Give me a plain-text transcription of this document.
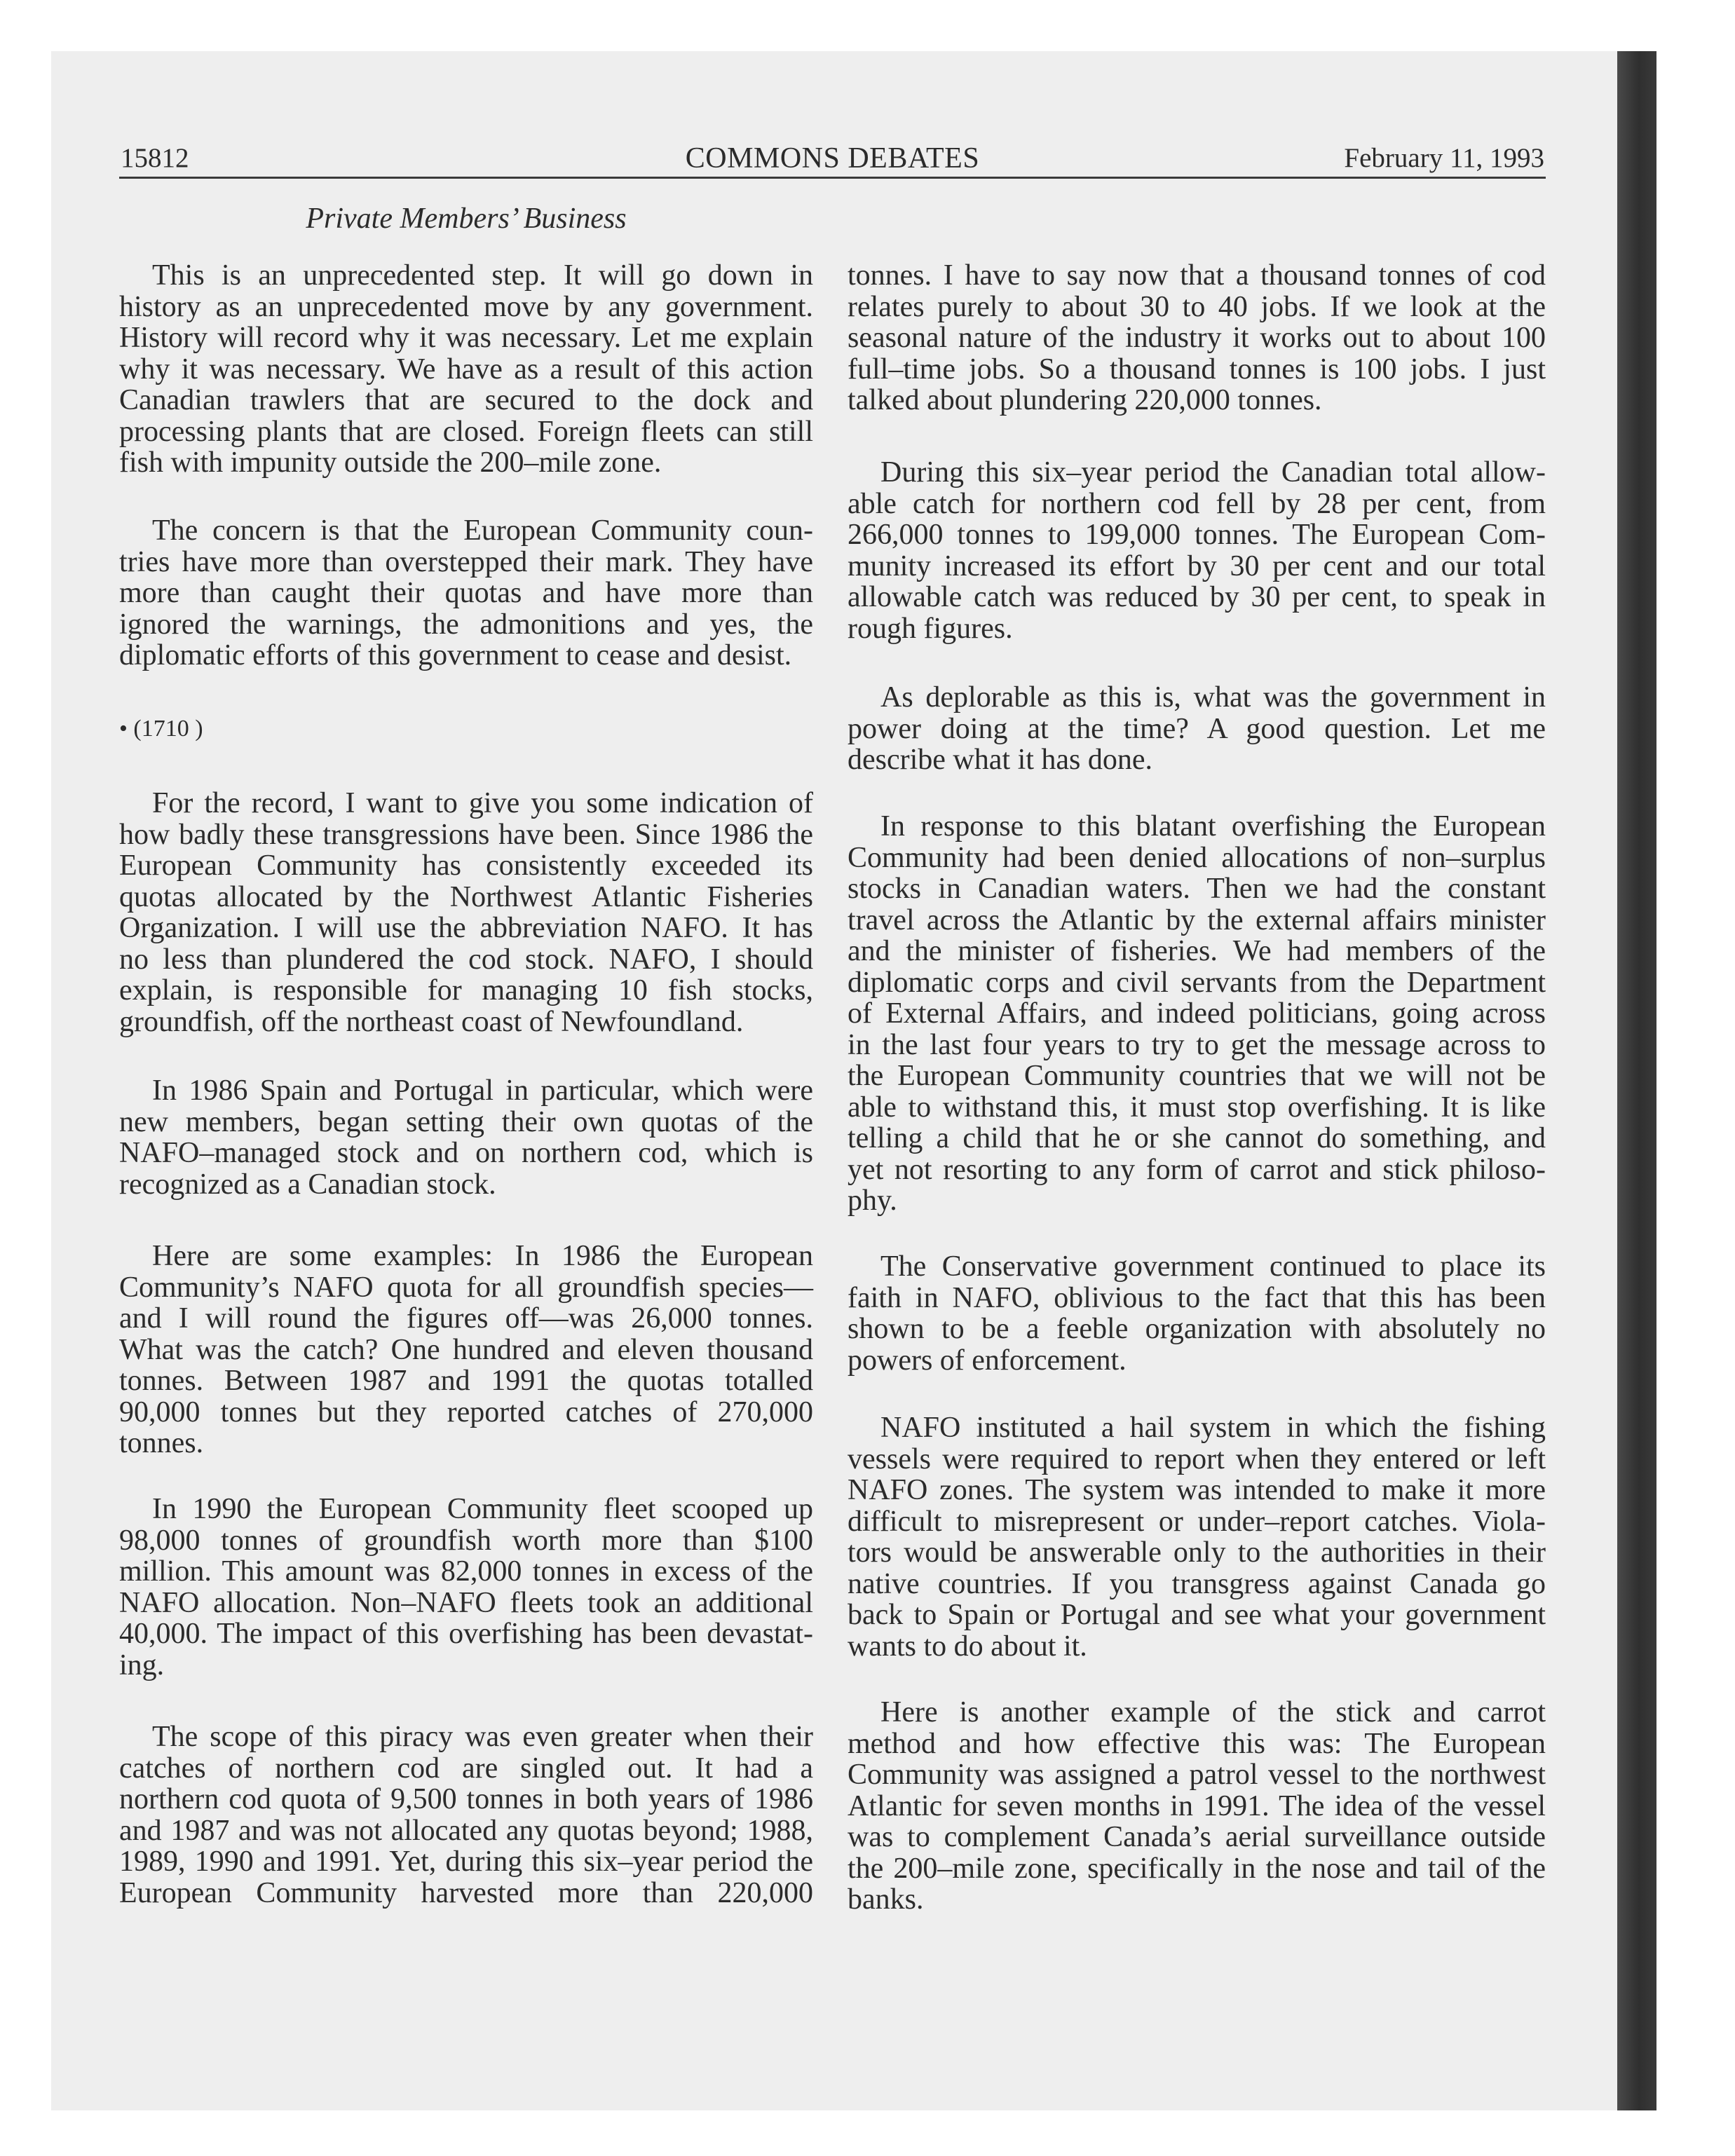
15812	COMMONS DEBATES	February 11, 1993
Private Members’ Business
This is an unprecedented step. It will go down in
history as an unprecedented move by any government.
History will record why it was necessary. Let me explain
why it was necessary. We have as a result of this action
Canadian trawlers that are secured to the dock and
processing plants that are closed. Foreign fleets can still
fish with impunity outside the 200–mile zone.
The concern is that the European Community coun-
tries have more than overstepped their mark. They have
more than caught their quotas and have more than
ignored the warnings, the admonitions and yes, the
diplomatic efforts of this government to cease and desist.
• (1710 )
For the record, I want to give you some indication of
how badly these transgressions have been. Since 1986 the
European Community has consistently exceeded its
quotas allocated by the Northwest Atlantic Fisheries
Organization. I will use the abbreviation NAFO. It has
no less than plundered the cod stock. NAFO, I should
explain, is responsible for managing 10 fish stocks,
groundfish, off the northeast coast of Newfoundland.
In 1986 Spain and Portugal in particular, which were
new members, began setting their own quotas of the
NAFO–managed stock and on northern cod, which is
recognized as a Canadian stock.
Here are some examples: In 1986 the European
Community’s NAFO quota for all groundfish species—
and I will round the figures off—was 26,000 tonnes.
What was the catch? One hundred and eleven thousand
tonnes. Between 1987 and 1991 the quotas totalled
90,000 tonnes but they reported catches of 270,000
tonnes.
In 1990 the European Community fleet scooped up
98,000 tonnes of groundfish worth more than $100
million. This amount was 82,000 tonnes in excess of the
NAFO allocation. Non–NAFO fleets took an additional
40,000. The impact of this overfishing has been devastat-
ing.
The scope of this piracy was even greater when their
catches of northern cod are singled out. It had a
northern cod quota of 9,500 tonnes in both years of 1986
and 1987 and was not allocated any quotas beyond; 1988,
1989, 1990 and 1991. Yet, during this six–year period the
European Community harvested more than 220,000
tonnes. I have to say now that a thousand tonnes of cod
relates purely to about 30 to 40 jobs. If we look at the
seasonal nature of the industry it works out to about 100
full–time jobs. So a thousand tonnes is 100 jobs. I just
talked about plundering 220,000 tonnes.
During this six–year period the Canadian total allow-
able catch for northern cod fell by 28 per cent, from
266,000 tonnes to 199,000 tonnes. The European Com-
munity increased its effort by 30 per cent and our total
allowable catch was reduced by 30 per cent, to speak in
rough figures.
As deplorable as this is, what was the government in
power doing at the time? A good question. Let me
describe what it has done.
In response to this blatant overfishing the European
Community had been denied allocations of non–surplus
stocks in Canadian waters. Then we had the constant
travel across the Atlantic by the external affairs minister
and the minister of fisheries. We had members of the
diplomatic corps and civil servants from the Department
of External Affairs, and indeed politicians, going across
in the last four years to try to get the message across to
the European Community countries that we will not be
able to withstand this, it must stop overfishing. It is like
telling a child that he or she cannot do something, and
yet not resorting to any form of carrot and stick philoso-
phy.
The Conservative government continued to place its
faith in NAFO, oblivious to the fact that this has been
shown to be a feeble organization with absolutely no
powers of enforcement.
NAFO instituted a hail system in which the fishing
vessels were required to report when they entered or left
NAFO zones. The system was intended to make it more
difficult to misrepresent or under–report catches. Viola-
tors would be answerable only to the authorities in their
native countries. If you transgress against Canada go
back to Spain or Portugal and see what your government
wants to do about it.
Here is another example of the stick and carrot
method and how effective this was: The European
Community was assigned a patrol vessel to the northwest
Atlantic for seven months in 1991. The idea of the vessel
was to complement Canada’s aerial surveillance outside
the 200–mile zone, specifically in the nose and tail of the
banks.
